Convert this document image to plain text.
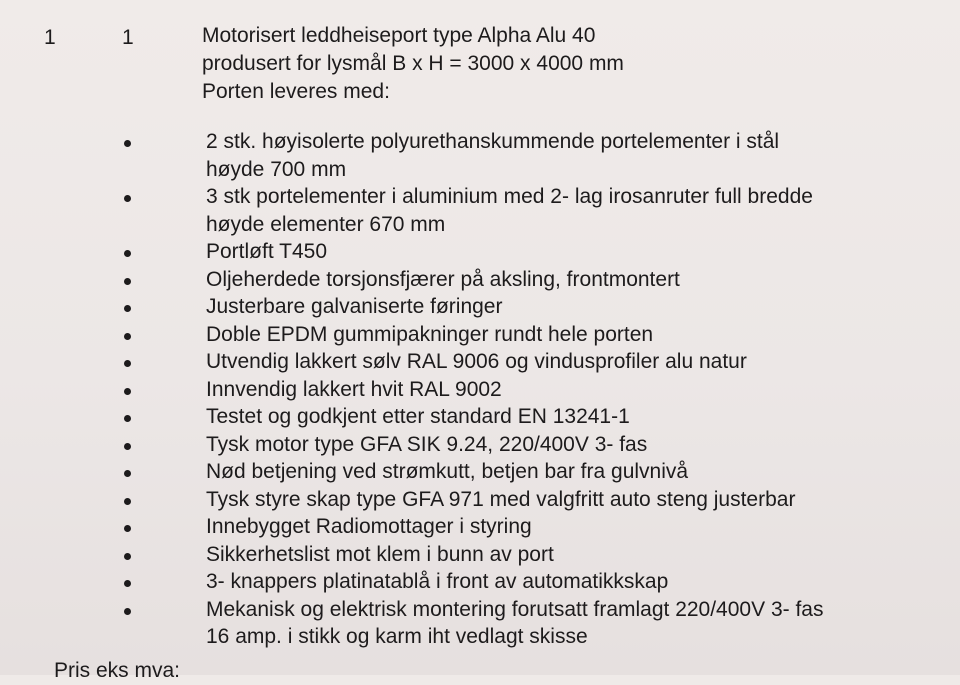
1	1	Motorisert leddheiseport type Alpha Alu 40
produsert for lysmål B x H = 3000 x 4000 mm
Porten leveres med:
2 stk. høyisolerte polyurethanskummende portelementer i stål
høyde 700 mm
3 stk portelementer i aluminium med 2- lag irosanruter full bredde
høyde elementer 670 mm
Portløft T450
Oljeherdede torsjonsfjærer på aksling, frontmontert
Justerbare galvaniserte føringer
Doble EPDM gummipakninger rundt hele porten
Utvendig lakkert sølv RAL 9006 og vindusprofiler alu natur
Innvendig lakkert hvit RAL 9002
Testet og godkjent etter standard EN 13241-1
Tysk motor type GFA SIK 9.24, 220/400V 3- fas
Nød betjening ved strømkutt, betjen bar fra gulvnivå
Tysk styre skap type GFA 971 med valgfritt auto steng justerbar
Innebygget Radiomottager i styring
Sikkerhetslist mot klem i bunn av port
3- knappers platinatablå i front av automatikkskap
Mekanisk og elektrisk montering forutsatt framlagt 220/400V 3- fas
16 amp. i stikk og karm iht vedlagt skisse
Pris eks mva:
